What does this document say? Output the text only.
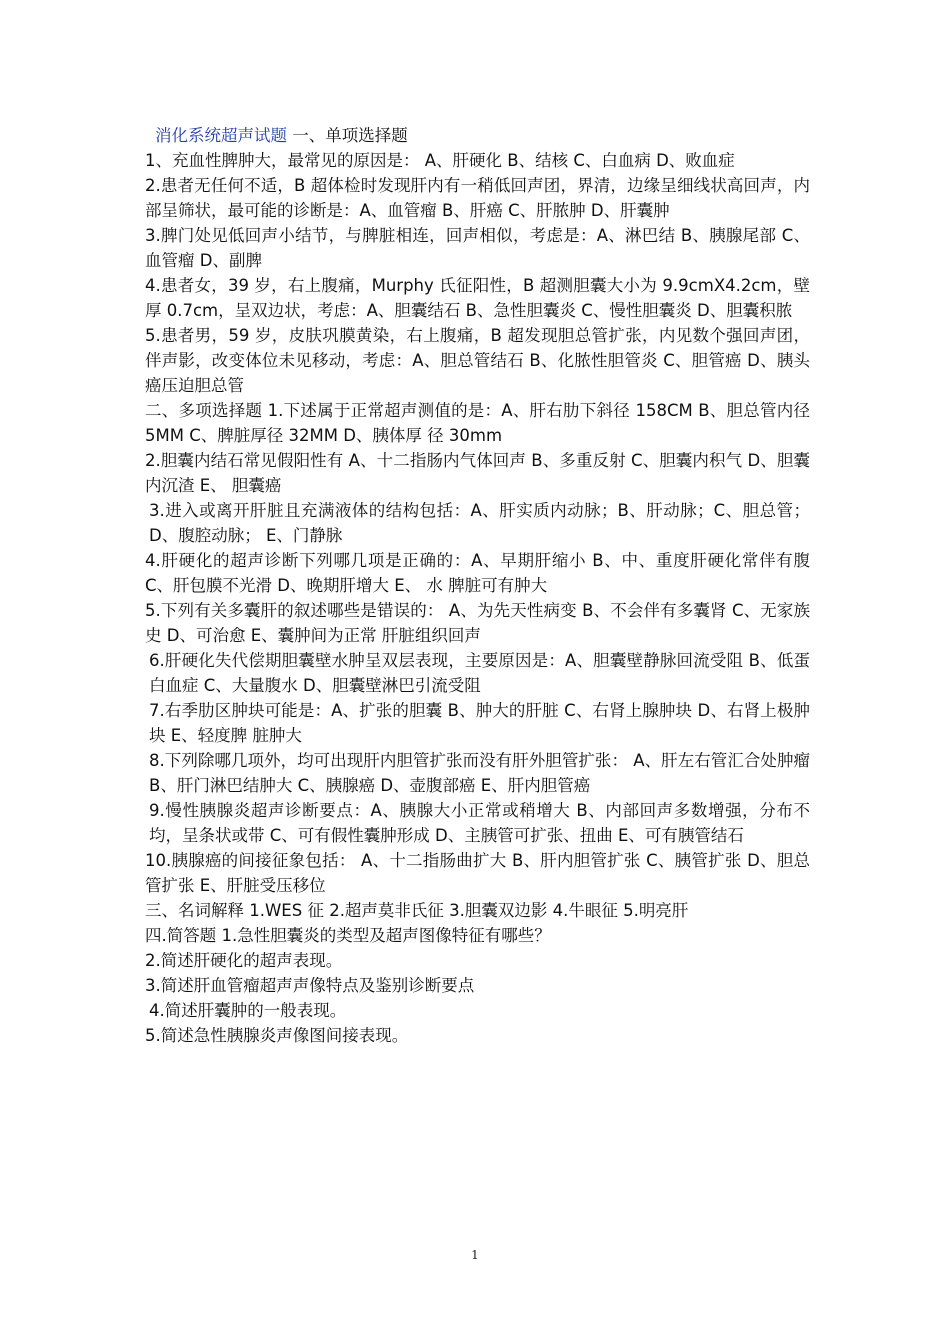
消化系统超声试题 一、单项选择题

1、充血性脾肿大，最常见的原因是： A、肝硬化 B、结核 C、白血病 D、败血症

2.患者无任何不适，B 超体检时发现肝内有一稍低回声团，界清，边缘呈细线状高回声，内 部呈筛状，最可能的诊断是：A、血管瘤 B、肝癌 C、肝脓肿 D、肝囊肿

3.脾门处见低回声小结节，与脾脏相连，回声相似，考虑是：A、淋巴结 B、胰腺尾部 C、血管瘤 D、副脾

4.患者女，39 岁，右上腹痛，Murphy 氏征阳性，B 超测胆囊大小为 9.9cmX4.2cm，壁厚 0.7cm，呈双边状，考虑：A、胆囊结石 B、急性胆囊炎 C、慢性胆囊炎 D、胆囊积脓

5.患者男，59 岁，皮肤巩膜黄染，右上腹痛，B 超发现胆总管扩张，内见数个强回声团，伴声影，改变体位未见移动，考虑：A、胆总管结石 B、化脓性胆管炎 C、胆管癌 D、胰头癌压迫胆总管

二、多项选择题 1.下述属于正常超声测值的是：A、肝右肋下斜径 158CM B、胆总管内径 5MM C、脾脏厚径 32MM D、胰体厚 径 30mm

2.胆囊内结石常见假阳性有 A、十二指肠内气体回声 B、多重反射 C、胆囊内积气 D、胆囊内沉渣 E、 胆囊癌

3.进入或离开肝脏且充满液体的结构包括：A、肝实质内动脉；B、肝动脉；C、胆总管； D、腹腔动脉； E、门静脉

4.肝硬化的超声诊断下列哪几项是正确的：A、早期肝缩小 B、中、重度肝硬化常伴有腹 C、肝包膜不光滑 D、晚期肝增大 E、 水 脾脏可有肿大

5.下列有关多囊肝的叙述哪些是错误的： A、为先天性病变 B、不会伴有多囊肾 C、无家族史 D、可治愈 E、囊肿间为正常 肝脏组织回声

6.肝硬化失代偿期胆囊壁水肿呈双层表现，主要原因是：A、胆囊壁静脉回流受阻 B、低蛋白血症 C、大量腹水 D、胆囊壁淋巴引流受阻

7.右季肋区肿块可能是：A、扩张的胆囊 B、肿大的肝脏 C、右肾上腺肿块 D、右肾上极肿块 E、轻度脾 脏肿大

8.下列除哪几项外，均可出现肝内胆管扩张而没有肝外胆管扩张： A、肝左右管汇合处肿瘤 B、肝门淋巴结肿大 C、胰腺癌 D、壶腹部癌 E、肝内胆管癌

9.慢性胰腺炎超声诊断要点：A、胰腺大小正常或稍增大 B、内部回声多数增强，分布不均，呈条状或带 C、可有假性囊肿形成 D、主胰管可扩张、扭曲 E、可有胰管结石

10.胰腺癌的间接征象包括： A、十二指肠曲扩大 B、肝内胆管扩张 C、胰管扩张 D、胆总管扩张 E、肝脏受压移位

三、名词解释 1.WES 征 2.超声莫非氏征 3.胆囊双边影 4.牛眼征 5.明亮肝

四.简答题 1.急性胆囊炎的类型及超声图像特征有哪些？

2.简述肝硬化的超声表现。

3.简述肝血管瘤超声声像特点及鉴别诊断要点

4.简述肝囊肿的一般表现。

5.简述急性胰腺炎声像图间接表现。

1
